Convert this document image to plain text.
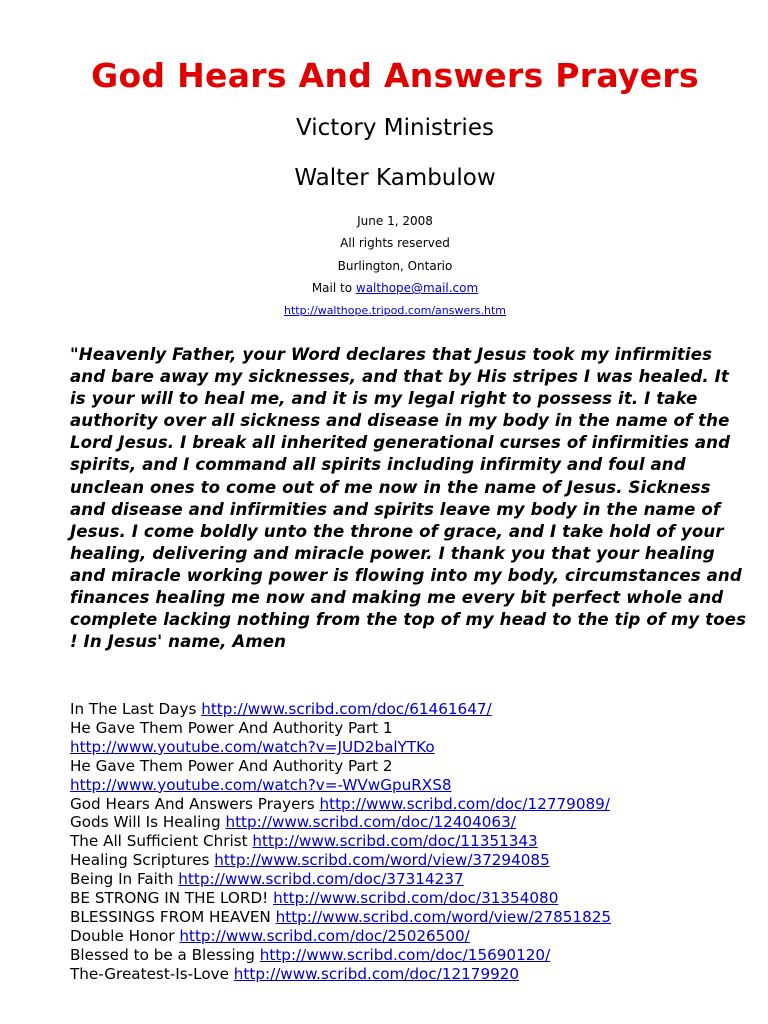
God Hears And Answers Prayers
Victory Ministries
Walter Kambulow
June 1, 2008
All rights reserved
Burlington, Ontario
Mail to walthope@mail.com
http://walthope.tripod.com/answers.htm
"Heavenly Father, your Word declares that Jesus took my infirmities and bare away my sicknesses, and that by His stripes I was healed. It is your will to heal me, and it is my legal right to possess it. I take authority over all sickness and disease in my body in the name of the Lord Jesus. I break all inherited generational curses of infirmities and spirits, and I command all spirits including infirmity and foul and unclean ones to come out of me now in the name of Jesus. Sickness and disease and infirmities and spirits leave my body in the name of Jesus. I come boldly unto the throne of grace, and I take hold of your healing, delivering and miracle power. I thank you that your healing and miracle working power is flowing into my body, circumstances and finances healing me now and making me every bit perfect whole and complete lacking nothing from the top of my head to the tip of my toes ! In Jesus' name, Amen
In The Last Days http://www.scribd.com/doc/61461647/
He Gave Them Power And Authority Part 1
http://www.youtube.com/watch?v=JUD2balYTKo
He Gave Them Power And Authority Part 2
http://www.youtube.com/watch?v=-WVwGpuRXS8
God Hears And Answers Prayers http://www.scribd.com/doc/12779089/
Gods Will Is Healing http://www.scribd.com/doc/12404063/
The All Sufficient Christ http://www.scribd.com/doc/11351343
Healing Scriptures http://www.scribd.com/word/view/37294085
Being In Faith http://www.scribd.com/doc/37314237
BE STRONG IN THE LORD! http://www.scribd.com/doc/31354080
BLESSINGS FROM HEAVEN http://www.scribd.com/word/view/27851825
Double Honor http://www.scribd.com/doc/25026500/
Blessed to be a Blessing http://www.scribd.com/doc/15690120/
The-Greatest-Is-Love http://www.scribd.com/doc/12179920
